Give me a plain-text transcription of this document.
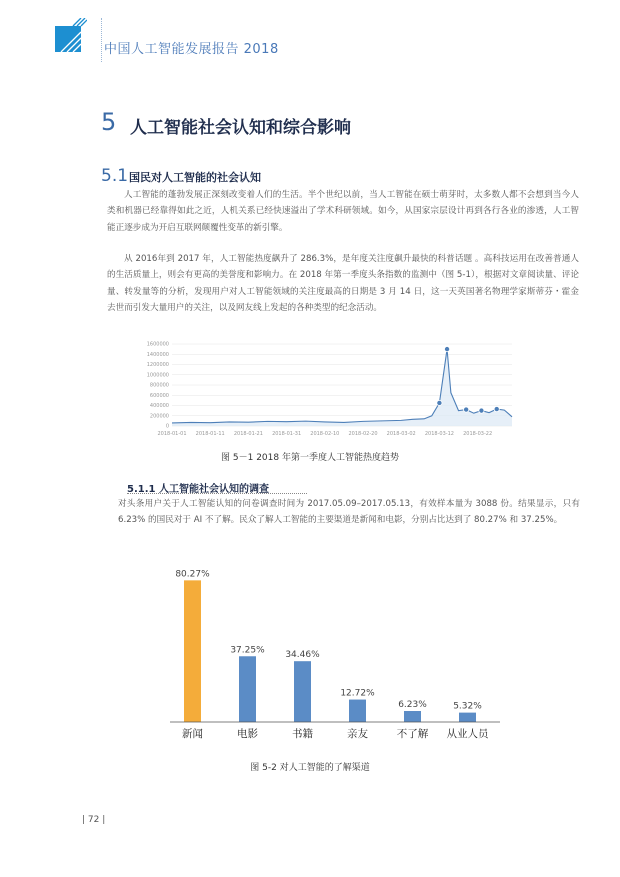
中国人工智能发展报告 2018
5 人工智能社会认知和综合影响
5.1 国民对人工智能的社会认知
人工智能的蓬勃发展正深刻改变着人们的生活。半个世纪以前，当人工智能在硕士萌芽时，太多数人都不会想到当今人类和机器已经靠得如此之近，人机关系已经快速溢出了学术科研领域。如今，从国家宗层设计再到各行各业的渗透，人工智能正逐步成为开启互联网颠覆性变革的新引擎。
从 2016年到 2017 年，人工智能热度飙升了 286.3%，是年度关注度飙升最快的科普话题 。高科技运用在改善普通人的生活质量上，则会有更高的美誉度和影响力。在 2018 年第一季度头条指数的监测中（图 5-1），根据对文章阅读量、评论量、转发量等的分析，发现用户对人工智能领域的关注度最高的日期是 3 月 14 日，这一天英国著名物理学家斯蒂芬・霍金去世而引发大量用户的关注，以及网友线上发起的各种类型的纪念活动。
0
200000
400000
600000
800000
1000000
1200000
1400000
1600000
2018-01-01 2018-01-11 2018-01-21 2018-01-31 2018-02-10 2018-02-20 2018-03-02 2018-03-12 2018-03-22
图 5－1 2018 年第一季度人工智能热度趋势
5.1.1 人工智能社会认知的调查
对头条用户关于人工智能认知的问卷调查时间为 2017.05.09–2017.05.13，有效样本量为 3088 份。结果显示，只有 6.23% 的国民对于 AI 不了解。民众了解人工智能的主要渠道是新闻和电影，分别占比达到了 80.27% 和 37.25%。
80.27%
新闻
37.25%
电影
34.46%
书籍
12.72%
亲友
6.23%
不了解
5.32%
从业人员
图 5-2 对人工智能的了解渠道
| 72 |
